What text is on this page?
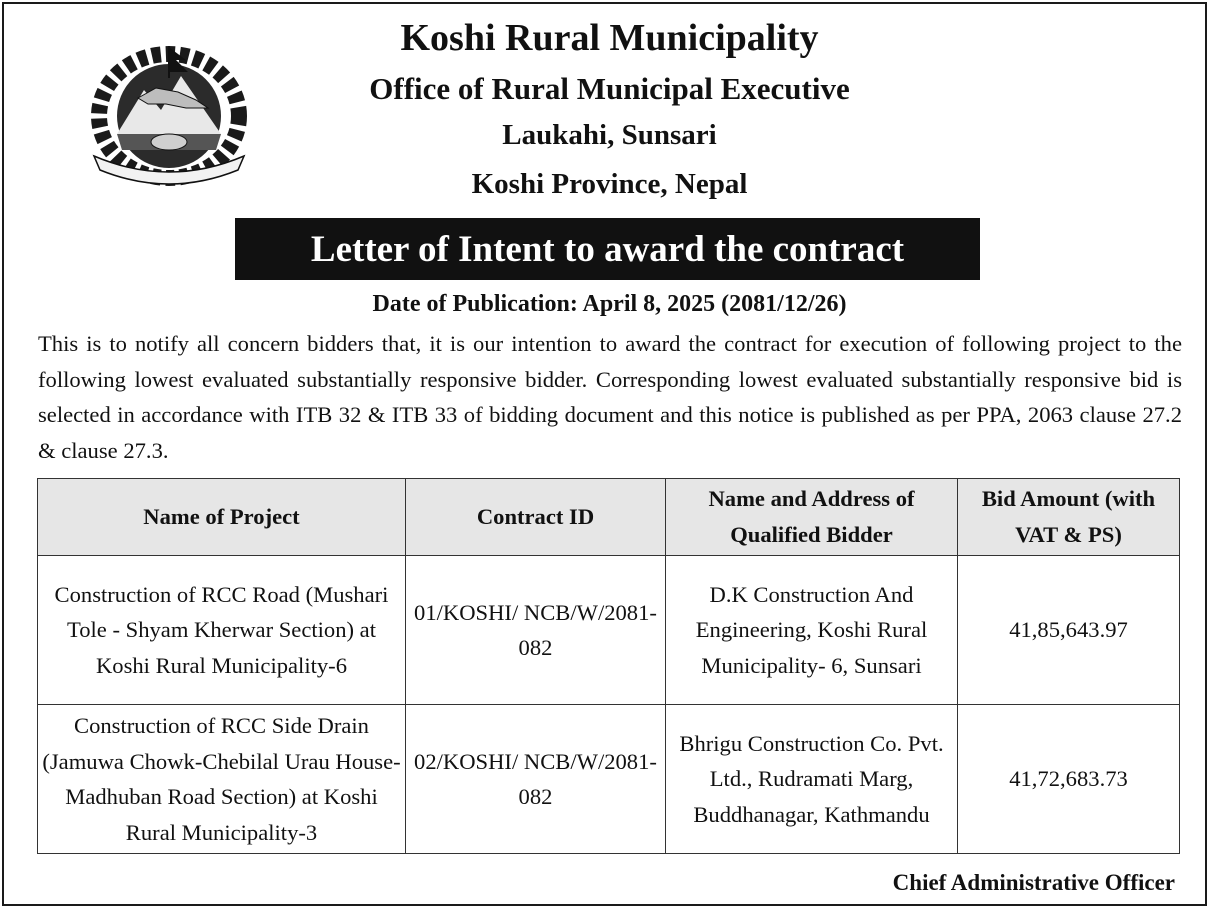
Koshi Rural Municipality
Office of Rural Municipal Executive
Laukahi, Sunsari
Koshi Province, Nepal
Letter of Intent to award the contract
Date of Publication: April 8, 2025 (2081/12/26)
This is to notify all concern bidders that, it is our intention to award the contract for execution of following project to the following lowest evaluated substantially responsive bidder. Corresponding lowest evaluated substantially responsive bid is selected in accordance with ITB 32 & ITB 33 of bidding document and this notice is published as per PPA, 2063 clause 27.2 & clause 27.3.
Name of Project	Contract ID	Name and Address of Qualified Bidder	Bid Amount (with VAT & PS)
Construction of RCC Road (Mushari Tole - Shyam Kherwar Section) at Koshi Rural Municipality-6	01/KOSHI/ NCB/W/2081-082	D.K Construction And Engineering, Koshi Rural Municipality- 6, Sunsari	41,85,643.97
Construction of RCC Side Drain (Jamuwa Chowk-Chebilal Urau House-Madhuban Road Section) at Koshi Rural Municipality-3	02/KOSHI/ NCB/W/2081-082	Bhrigu Construction Co. Pvt. Ltd., Rudramati Marg, Buddhanagar, Kathmandu	41,72,683.73
Chief Administrative Officer
